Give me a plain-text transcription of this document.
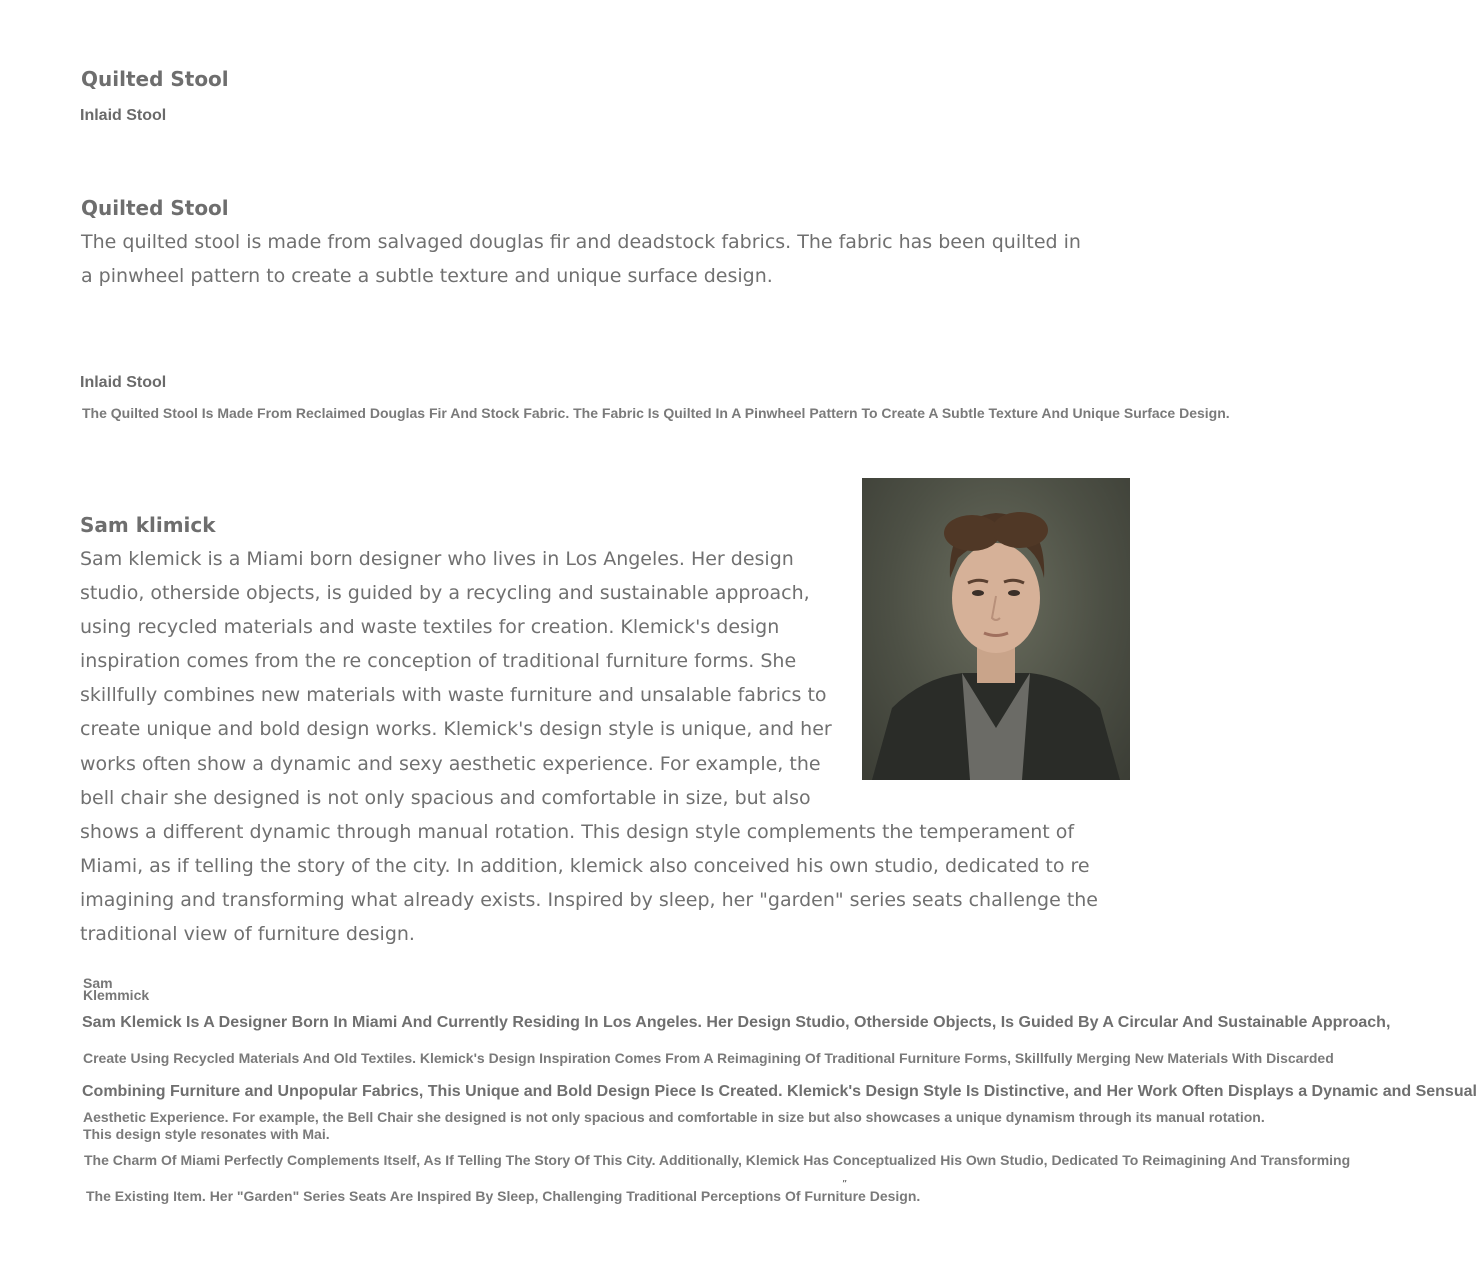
Quilted Stool
Inlaid Stool
Quilted Stool

The quilted stool is made from salvaged douglas fir and deadstock fabrics. The fabric has been quilted in a pinwheel pattern to create a subtle texture and unique surface design.

Inlaid Stool

The Quilted Stool Is Made From Reclaimed Douglas Fir And Stock Fabric. The Fabric Is Quilted In A Pinwheel Pattern To Create A Subtle Texture And Unique Surface Design.

Sam klimick
Sam klemick is a Miami born designer who lives in Los Angeles. Her design studio, otherside objects, is guided by a recycling and sustainable approach, using recycled materials and waste textiles for creation. Klemick's design inspiration comes from the re conception of traditional furniture forms. She skillfully combines new materials with waste furniture and unsalable fabrics to create unique and bold design works. Klemick's design style is unique, and her works often show a dynamic and sexy aesthetic experience. For example, the bell chair she designed is not only spacious and comfortable in size, but also shows a different dynamic through manual rotation. This design style complements the temperament of Miami, as if telling the story of the city. In addition, klemick also conceived his own studio, dedicated to re imagining and transforming what already exists. Inspired by sleep, her "garden" series seats challenge the traditional view of furniture design.
Sam
Klemmick
Sam Klemick Is A Designer Born In Miami And Currently Residing In Los Angeles. Her Design Studio, Otherside Objects, Is Guided By A Circular And Sustainable Approach,
Create Using Recycled Materials And Old Textiles. Klemick's Design Inspiration Comes From A Reimagining Of Traditional Furniture Forms, Skillfully Merging New Materials With Discarded
Combining Furniture and Unpopular Fabrics, This Unique and Bold Design Piece Is Created. Klemick's Design Style Is Distinctive, and Her Work Often Displays a Dynamic and Sensual
Aesthetic Experience. For example, the Bell Chair she designed is not only spacious and comfortable in size but also showcases a unique dynamism through its manual rotation.
This design style resonates with Mai.
The Charm Of Miami Perfectly Complements Itself, As If Telling The Story Of This City. Additionally, Klemick Has Conceptualized His Own Studio, Dedicated To Reimagining And Transforming
The Existing Item. Her "Garden" Series Seats Are Inspired By Sleep, Challenging Traditional Perceptions Of Furniture Design.
”
